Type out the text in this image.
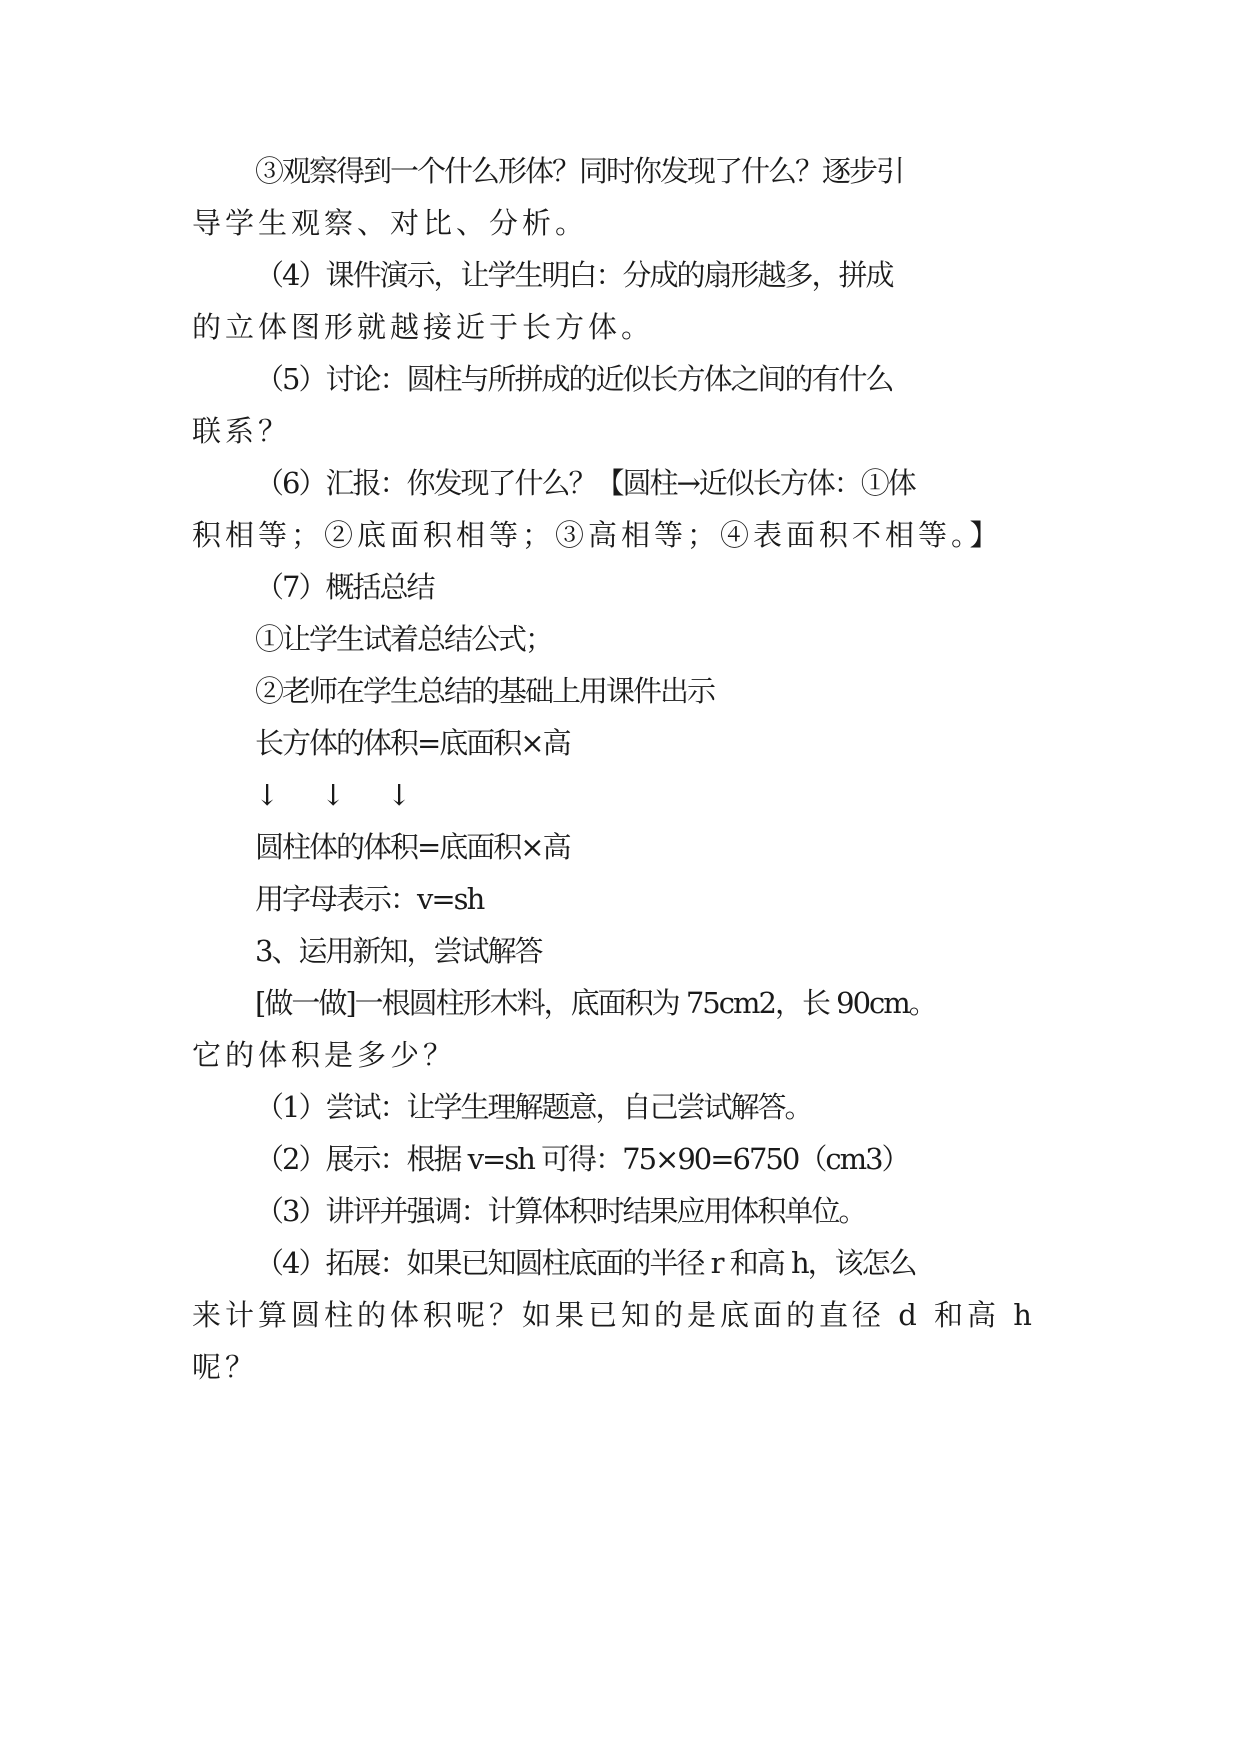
③观察得到一个什么形体？同时你发现了什么？逐步引
导学生观察、对比、分析。
（4）课件演示，让学生明白：分成的扇形越多，拼成
的立体图形就越接近于长方体。
（5）讨论：圆柱与所拼成的近似长方体之间的有什么
联系？
（6）汇报：你发现了什么？【圆柱→近似长方体：①体
积相等；②底面积相等；③高相等；④表面积不相等。】
（7）概括总结
①让学生试着总结公式；
②老师在学生总结的基础上用课件出示
长方体的体积=底面积×高
↓ ↓ ↓
圆柱体的体积=底面积×高
用字母表示：v=sh
3、运用新知，尝试解答
[做一做]一根圆柱形木料，底面积为 75cm2，长 90cm。
它的体积是多少？
（1）尝试：让学生理解题意，自己尝试解答。
（2）展示：根据 v=sh 可得：75×90=6750（cm3）
（3）讲评并强调：计算体积时结果应用体积单位。
（4）拓展：如果已知圆柱底面的半径 r 和高 h，该怎么
来计算圆柱的体积呢？如果已知的是底面的直径 d 和高 h
呢？
